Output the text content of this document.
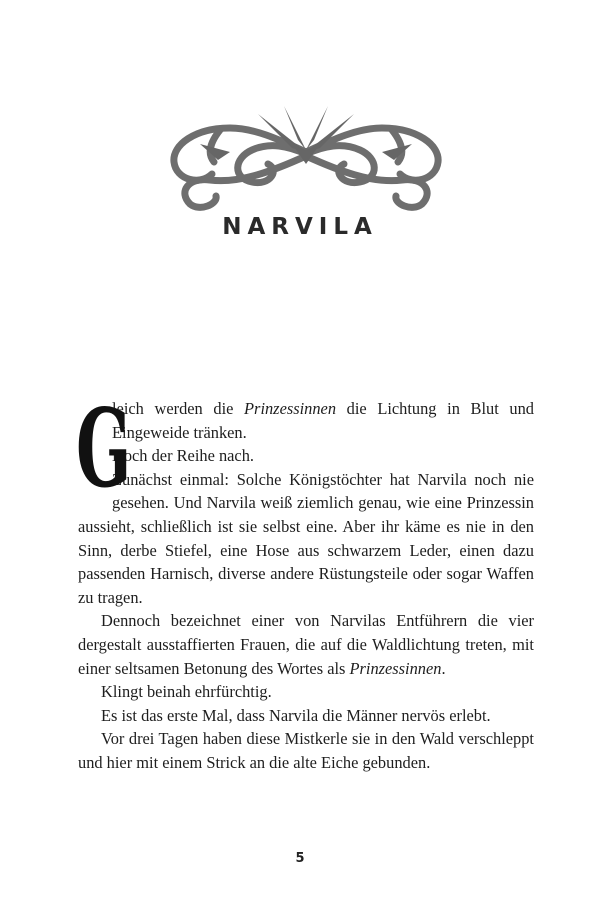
NARVILA

G
leich werden die Prinzessinnen die Lichtung in Blut und Eingeweide tränken.

Doch der Reihe nach.

Zunächst einmal: Solche Königstöchter hat Narvila noch nie gesehen. Und Narvila weiß ziemlich genau, wie eine Prinzessin aussieht, schließlich ist sie selbst eine. Aber ihr käme es nie in den Sinn, derbe Stiefel, eine Hose aus schwarzem Leder, einen dazu passenden Harnisch, diverse andere Rüstungsteile oder sogar Waffen zu tragen.

Dennoch bezeichnet einer von Narvilas Entführern die vier dergestalt ausstaffierten Frauen, die auf die Waldlichtung treten, mit einer seltsamen Betonung des Wortes als Prinzessinnen.

Klingt beinah ehrfürchtig.

Es ist das erste Mal, dass Narvila die Männer nervös erlebt.

Vor drei Tagen haben diese Mistkerle sie in den Wald verschleppt und hier mit einem Strick an die alte Eiche gebunden.

5
